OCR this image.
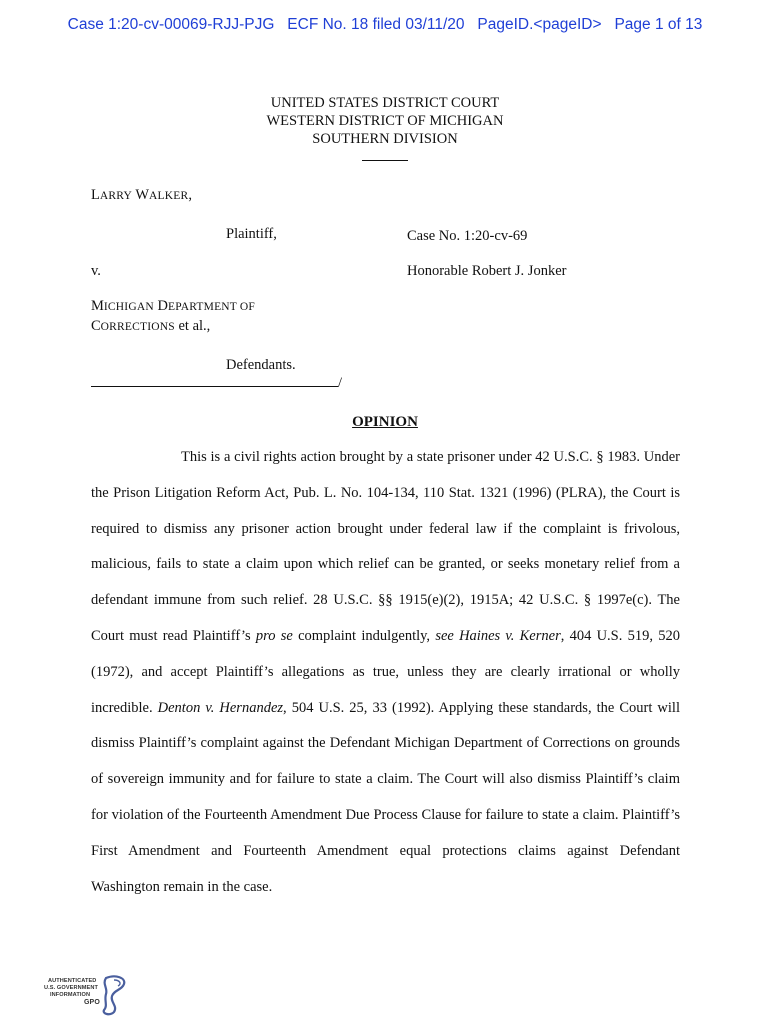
Case 1:20-cv-00069-RJJ-PJG   ECF No. 18 filed 03/11/20   PageID.<pageID>   Page 1 of 13
UNITED STATES DISTRICT COURT
WESTERN DISTRICT OF MICHIGAN
SOUTHERN DIVISION
LARRY WALKER,
Plaintiff,	Case No. 1:20-cv-69
v.	Honorable Robert J. Jonker
MICHIGAN DEPARTMENT OF
CORRECTIONS et al.,
Defendants.
/
OPINION

This is a civil rights action brought by a state prisoner under 42 U.S.C. § 1983. Under the Prison Litigation Reform Act, Pub. L. No. 104-134, 110 Stat. 1321 (1996) (PLRA), the Court is required to dismiss any prisoner action brought under federal law if the complaint is frivolous, malicious, fails to state a claim upon which relief can be granted, or seeks monetary relief from a defendant immune from such relief. 28 U.S.C. §§ 1915(e)(2), 1915A; 42 U.S.C. § 1997e(c). The Court must read Plaintiff’s pro se complaint indulgently, see Haines v. Kerner, 404 U.S. 519, 520 (1972), and accept Plaintiff’s allegations as true, unless they are clearly irrational or wholly incredible. Denton v. Hernandez, 504 U.S. 25, 33 (1992). Applying these standards, the Court will dismiss Plaintiff’s complaint against the Defendant Michigan Department of Corrections on grounds of sovereign immunity and for failure to state a claim. The Court will also dismiss Plaintiff’s claim for violation of the Fourteenth Amendment Due Process Clause for failure to state a claim. Plaintiff’s First Amendment and Fourteenth Amendment equal protections claims against Defendant Washington remain in the case.

AUTHENTICATED
U.S. GOVERNMENT
INFORMATION
GPO
